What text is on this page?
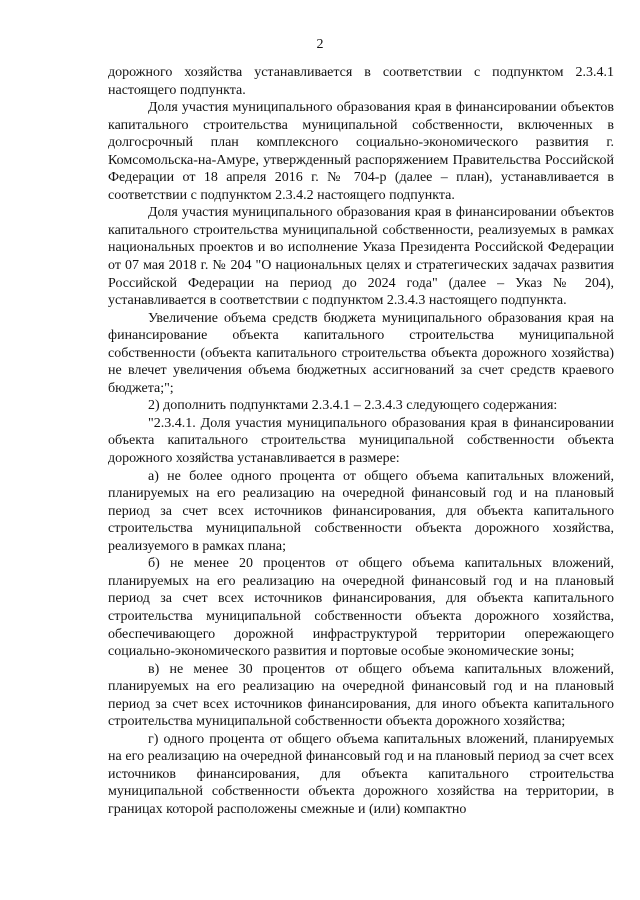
2

дорожного хозяйства устанавливается в соответствии с подпунктом 2.3.4.1 настоящего подпункта.

Доля участия муниципального образования края в финансировании объектов капитального строительства муниципальной собственности, включенных в долгосрочный план комплексного социально-экономического развития г. Комсомольска-на-Амуре, утвержденный распоряжением Правительства Российской Федерации от 18 апреля 2016 г. № 704-р (далее – план), устанавливается в соответствии с подпунктом 2.3.4.2 настоящего подпункта.

Доля участия муниципального образования края в финансировании объектов капитального строительства муниципальной собственности, реализуемых в рамках национальных проектов и во исполнение Указа Президента Российской Федерации от 07 мая 2018 г. № 204 "О национальных целях и стратегических задачах развития Российской Федерации на период до 2024 года" (далее – Указ № 204), устанавливается в соответствии с подпунктом 2.3.4.3 настоящего подпункта.

Увеличение объема средств бюджета муниципального образования края на финансирование объекта капитального строительства муниципальной собственности (объекта капитального строительства объекта дорожного хозяйства) не влечет увеличения объема бюджетных ассигнований за счет средств краевого бюджета;";

2) дополнить подпунктами 2.3.4.1 – 2.3.4.3 следующего содержания:

"2.3.4.1. Доля участия муниципального образования края в финансировании объекта капитального строительства муниципальной собственности объекта дорожного хозяйства устанавливается в размере:

а) не более одного процента от общего объема капитальных вложений, планируемых на его реализацию на очередной финансовый год и на плановый период за счет всех источников финансирования, для объекта капитального строительства муниципальной собственности объекта дорожного хозяйства, реализуемого в рамках плана;

б) не менее 20 процентов от общего объема капитальных вложений, планируемых на его реализацию на очередной финансовый год и на плановый период за счет всех источников финансирования, для объекта капитального строительства муниципальной собственности объекта дорожного хозяйства, обеспечивающего дорожной инфраструктурой территории опережающего социально-экономического развития и портовые особые экономические зоны;

в) не менее 30 процентов от общего объема капитальных вложений, планируемых на его реализацию на очередной финансовый год и на плановый период за счет всех источников финансирования, для иного объекта капитального строительства муниципальной собственности объекта дорожного хозяйства;

г) одного процента от общего объема капитальных вложений, планируемых на его реализацию на очередной финансовый год и на плановый период за счет всех источников финансирования, для объекта капитального строительства муниципальной собственности объекта дорожного хозяйства на территории, в границах которой расположены смежные и (или) компактно
